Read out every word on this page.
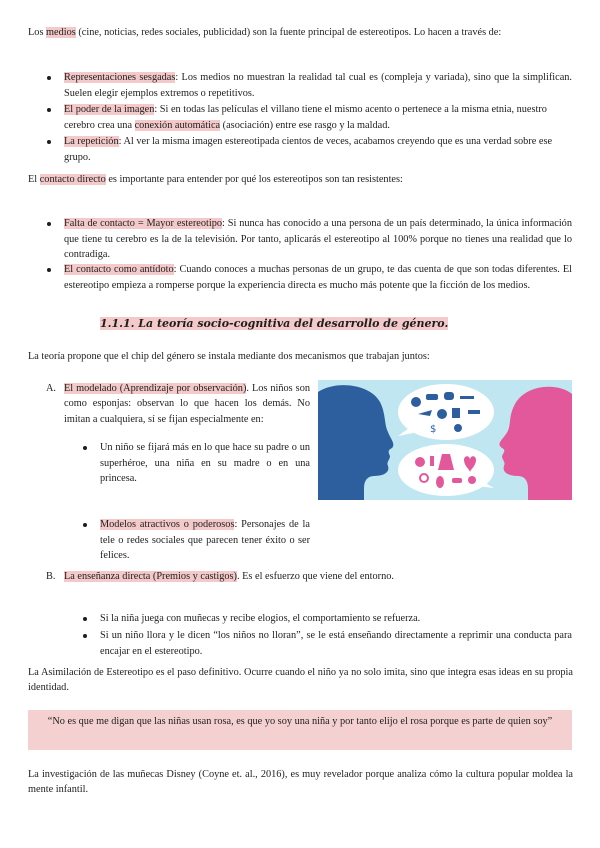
Los medios (cine, noticias, redes sociales, publicidad) son la fuente principal de estereotipos. Lo hacen a través de:

Representaciones sesgadas: Los medios no muestran la realidad tal cual es (compleja y variada), sino que la simplifican. Suelen elegir ejemplos extremos o repetitivos.

El poder de la imagen: Si en todas las películas el villano tiene el mismo acento o pertenece a la misma etnia, nuestro cerebro crea una conexión automática (asociación) entre ese rasgo y la maldad.

La repetición: Al ver la misma imagen estereotipada cientos de veces, acabamos creyendo que es una verdad sobre ese grupo.

El contacto directo es importante para entender por qué los estereotipos son tan resistentes:

Falta de contacto = Mayor estereotipo: Si nunca has conocido a una persona de un país determinado, la única información que tiene tu cerebro es la de la televisión. Por tanto, aplicarás el estereotipo al 100% porque no tienes una realidad que lo contradiga.

El contacto como antídoto: Cuando conoces a muchas personas de un grupo, te das cuenta de que son todas diferentes. El estereotipo empieza a romperse porque la experiencia directa es mucho más potente que la ficción de los medios.

1.1.1. La teoría socio-cognitiva del desarrollo de género.

La teoría propone que el chip del género se instala mediante dos mecanismos que trabajan juntos:

A. El modelado (Aprendizaje por observación). Los niños son como esponjas: observan lo que hacen los demás. No imitan a cualquiera, sí se fijan especialmente en:

Un niño se fijará más en lo que hace su padre o un superhéroe, una niña en su madre o en una princesa.

Modelos atractivos o poderosos: Personajes de la tele o redes sociales que parecen tener éxito o ser felices.

$
B. La enseñanza directa (Premios y castigos). Es el esfuerzo que viene del entorno.

Si la niña juega con muñecas y recibe elogios, el comportamiento se refuerza.

Si un niño llora y le dicen “los niños no lloran”, se le está enseñando directamente a reprimir una conducta para encajar en el estereotipo.

La Asimilación de Estereotipo es el paso definitivo. Ocurre cuando el niño ya no solo imita, sino que integra esas ideas en su propia identidad.

“No es que me digan que las niñas usan rosa, es que yo soy una niña y por tanto elijo el rosa porque es parte de quien soy”

La investigación de las muñecas Disney (Coyne et. al., 2016), es muy revelador porque analiza cómo la cultura popular moldea la mente infantil.
